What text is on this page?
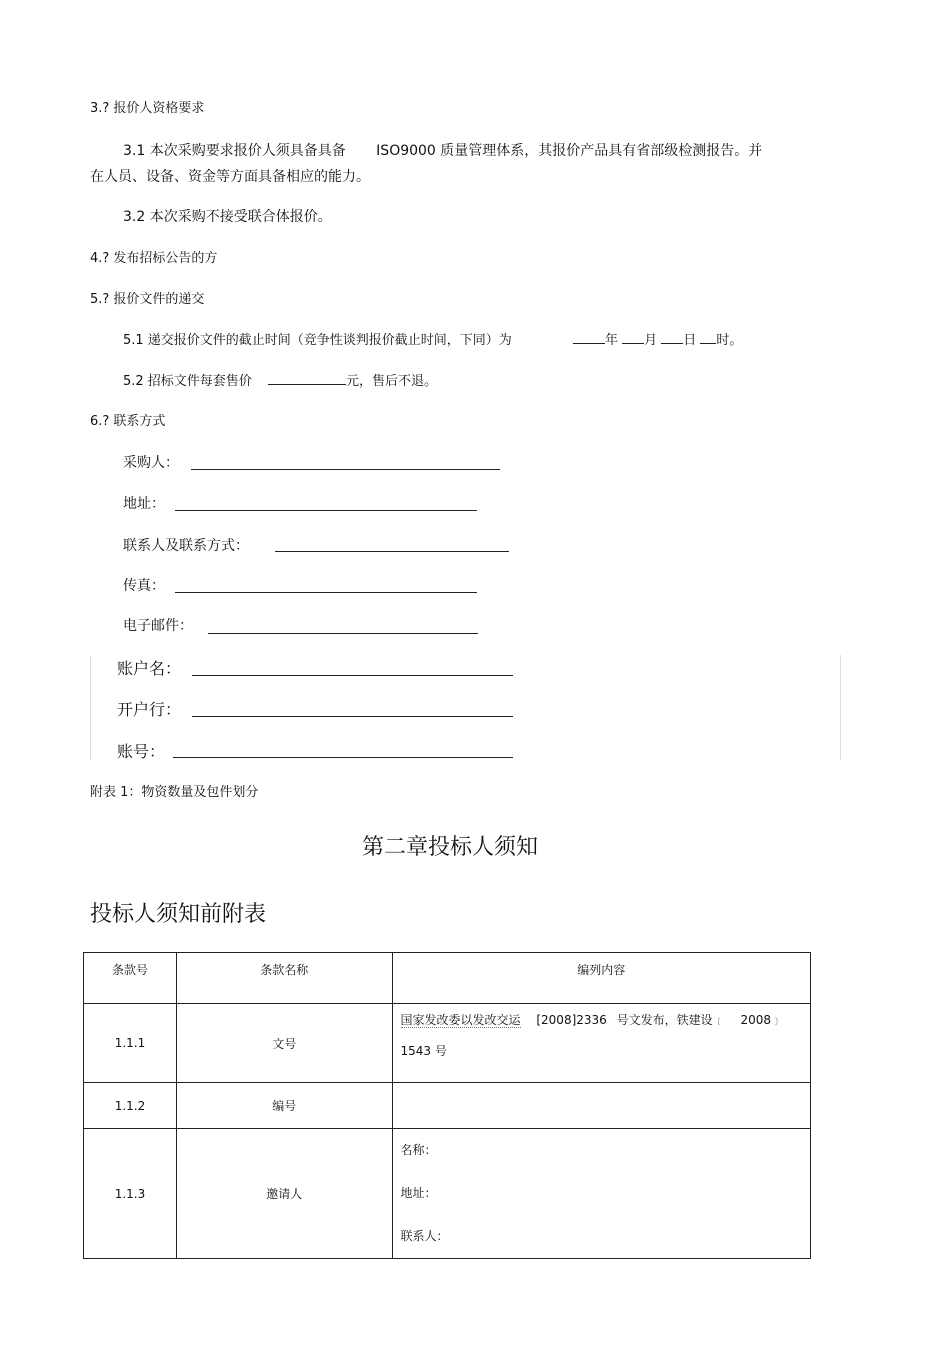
3.? 报价人资格要求
3.1 本次采购要求报价人须具备具备 ISO9000 质量管理体系，其报价产品具有省部级检测报告。并
在人员、设备、资金等方面具备相应的能力。
3.2 本次采购不接受联合体报价。
4.? 发布招标公告的方
5.? 报价文件的递交
5.1 递交报价文件的截止时间（竞争性谈判报价截止时间，下同）为	年 月 日 时。
5.2 招标文件每套售价	元，售后不退。
6.? 联系方式
采购人：
地址：
联系人及联系方式：
传真：
电子邮件：
账户名：
开户行：
账号：
附表 1：物资数量及包件划分
第二章投标人须知
投标人须知前附表
条款号	条款名称	编列内容
1.1.1	文号	国家发改委以发改交运 [2008]2336 号文发布，铁建设〔 2008 〕
1543 号

1.1.2	编号	
1.1.3	邀请人	名称：
地址：
联系人：
